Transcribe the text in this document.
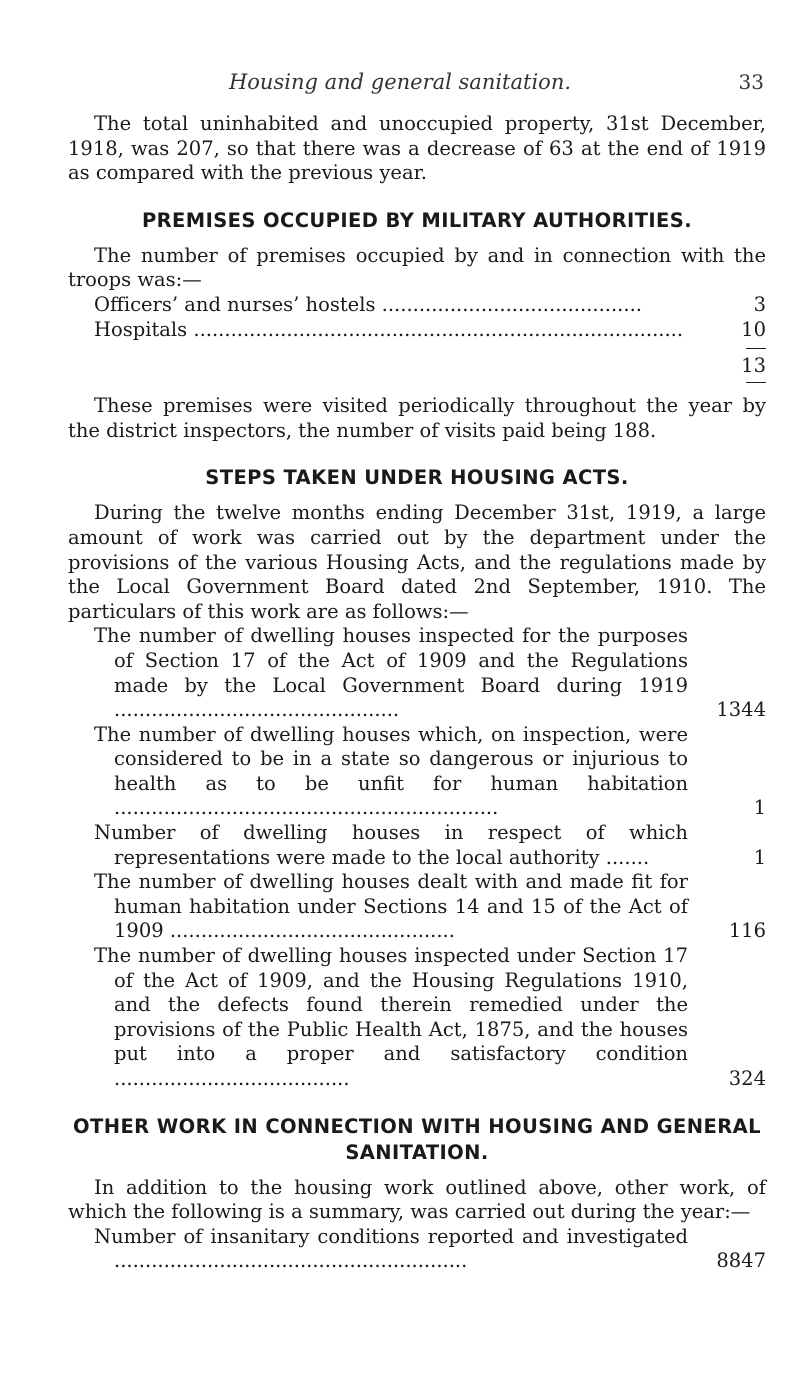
Housing and general sanitation.	33

The total uninhabited and unoccupied property, 31st December, 1918, was 207, so that there was a decrease of 63 at the end of 1919 as compared with the previous year.

PREMISES OCCUPIED BY MILITARY AUTHORITIES.

The number of premises occupied by and in connection with the troops was:—

Officers’ and nurses’ hostels ..........................................	3
Hospitals ...............................................................................	10
13

These premises were visited periodically throughout the year by the district inspectors, the number of visits paid being 188.

STEPS TAKEN UNDER HOUSING ACTS.

During the twelve months ending December 31st, 1919, a large amount of work was carried out by the department under the provisions of the various Housing Acts, and the regulations made by the Local Government Board dated 2nd September, 1910. The particulars of this work are as follows:—

The number of dwelling houses inspected for the purposes of Section 17 of the Act of 1909 and the Regulations made by the Local Government Board during 1919 ..............................................	1344
The number of dwelling houses which, on inspection, were considered to be in a state so dangerous or injurious to health as to be unfit for human habitation ..............................................................	1
Number of dwelling houses in respect of which representations were made to the local authority .......	1
The number of dwelling houses dealt with and made fit for human habitation under Sections 14 and 15 of the Act of 1909 ..............................................	116
The number of dwelling houses inspected under Section 17 of the Act of 1909, and the Housing Regulations 1910, and the defects found therein remedied under the provisions of the Public Health Act, 1875, and the houses put into a proper and satisfactory condition ......................................	324
OTHER WORK IN CONNECTION WITH HOUSING AND GENERAL SANITATION.

In addition to the housing work outlined above, other work, of which the following is a summary, was carried out during the year:—

Number of insanitary conditions reported and investigated .........................................................	8847
